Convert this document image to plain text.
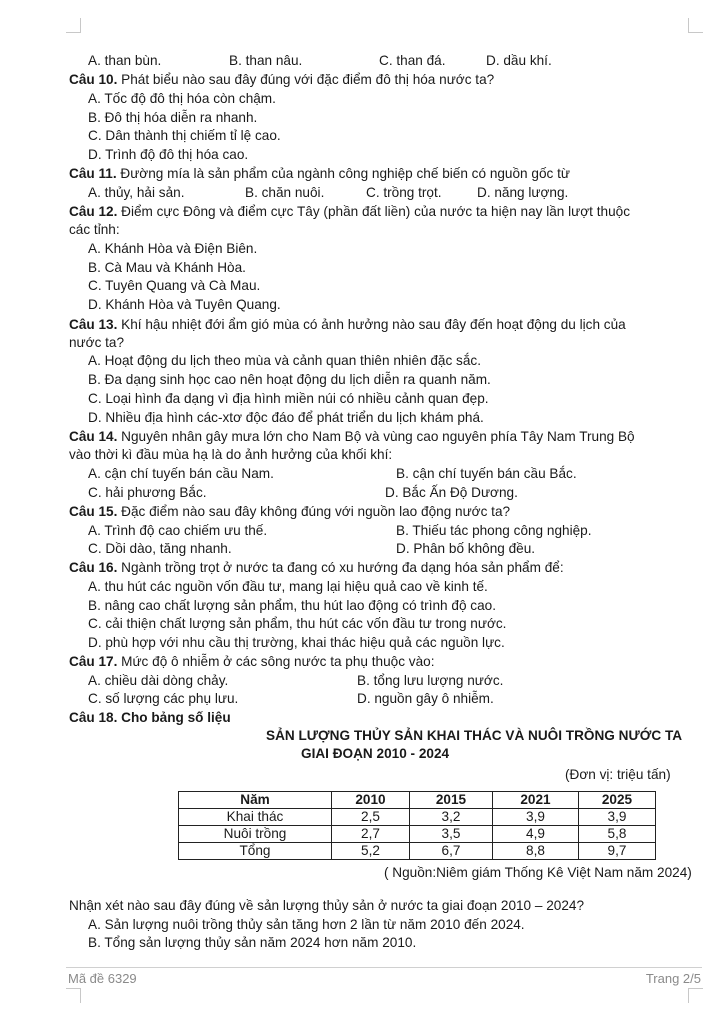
A. than bùn.	B. than nâu.	C. than đá.	D. dầu khí.
Câu 10. Phát biểu nào sau đây đúng với đặc điểm đô thị hóa nước ta?
A. Tốc độ đô thị hóa còn chậm.
B. Đô thị hóa diễn ra nhanh.
C. Dân thành thị chiếm tỉ lệ cao.
D. Trình độ đô thị hóa cao.
Câu 11. Đường mía là sản phẩm của ngành công nghiệp chế biến có nguồn gốc từ
A. thủy, hải sản.	B. chăn nuôi.	C. trồng trọt.	D. năng lượng.
Câu 12. Điểm cực Đông và điểm cực Tây (phần đất liền) của nước ta hiện nay lần lượt thuộc
các tỉnh:
A. Khánh Hòa và Điện Biên.
B. Cà Mau và Khánh Hòa.
C. Tuyên Quang và Cà Mau.
D. Khánh Hòa và Tuyên Quang.
Câu 13. Khí hậu nhiệt đới ẩm gió mùa có ảnh hưởng nào sau đây đến hoạt động du lịch của
nước ta?
A. Hoạt động du lịch theo mùa và cảnh quan thiên nhiên đặc sắc.
B. Đa dạng sinh học cao nên hoạt động du lịch diễn ra quanh năm.
C. Loại hình đa dạng vì địa hình miền núi có nhiều cảnh quan đẹp.
D. Nhiều địa hình các-xtơ độc đáo để phát triển du lịch khám phá.
Câu 14. Nguyên nhân gây mưa lớn cho Nam Bộ và vùng cao nguyên phía Tây Nam Trung Bộ
vào thời kì đầu mùa hạ là do ảnh hưởng của khối khí:
A. cận chí tuyến bán cầu Nam.	B. cận chí tuyến bán cầu Bắc.
C. hải phương Bắc.	D. Bắc Ấn Độ Dương.
Câu 15. Đặc điểm nào sau đây không đúng với nguồn lao động nước ta?
A. Trình độ cao chiếm ưu thế.	B. Thiếu tác phong công nghiệp.
C. Dồi dào, tăng nhanh.	D. Phân bố không đều.
Câu 16. Ngành trồng trọt ở nước ta đang có xu hướng đa dạng hóa sản phẩm để:
A. thu hút các nguồn vốn đầu tư, mang lại hiệu quả cao về kinh tế.
B. nâng cao chất lượng sản phẩm, thu hút lao động có trình độ cao.
C. cải thiện chất lượng sản phẩm, thu hút các vốn đầu tư trong nước.
D. phù hợp với nhu cầu thị trường, khai thác hiệu quả các nguồn lực.
Câu 17. Mức độ ô nhiễm ở các sông nước ta phụ thuộc vào:
A. chiều dài dòng chảy.	B. tổng lưu lượng nước.
C. số lượng các phụ lưu.	D. nguồn gây ô nhiễm.
Câu 18. Cho bảng số liệu
SẢN LƯỢNG THỦY SẢN KHAI THÁC VÀ NUÔI TRỒNG NƯỚC TA
GIAI ĐOẠN 2010 - 2024
(Đơn vị: triệu tấn)
Năm	2010	2015	2021	2025
Khai thác	2,5	3,2	3,9	3,9
Nuôi trồng	2,7	3,5	4,9	5,8
Tổng	5,2	6,7	8,8	9,7
( Nguồn:Niêm giám Thống Kê Việt Nam năm 2024)
Nhận xét nào sau đây đúng về sản lượng thủy sản ở nước ta giai đoạn 2010 – 2024?
A. Sản lượng nuôi trồng thủy sản tăng hơn 2 lần từ năm 2010 đến 2024.
B. Tổng sản lượng thủy sản năm 2024 hơn năm 2010.
Mã đề 6329	Trang 2/5
